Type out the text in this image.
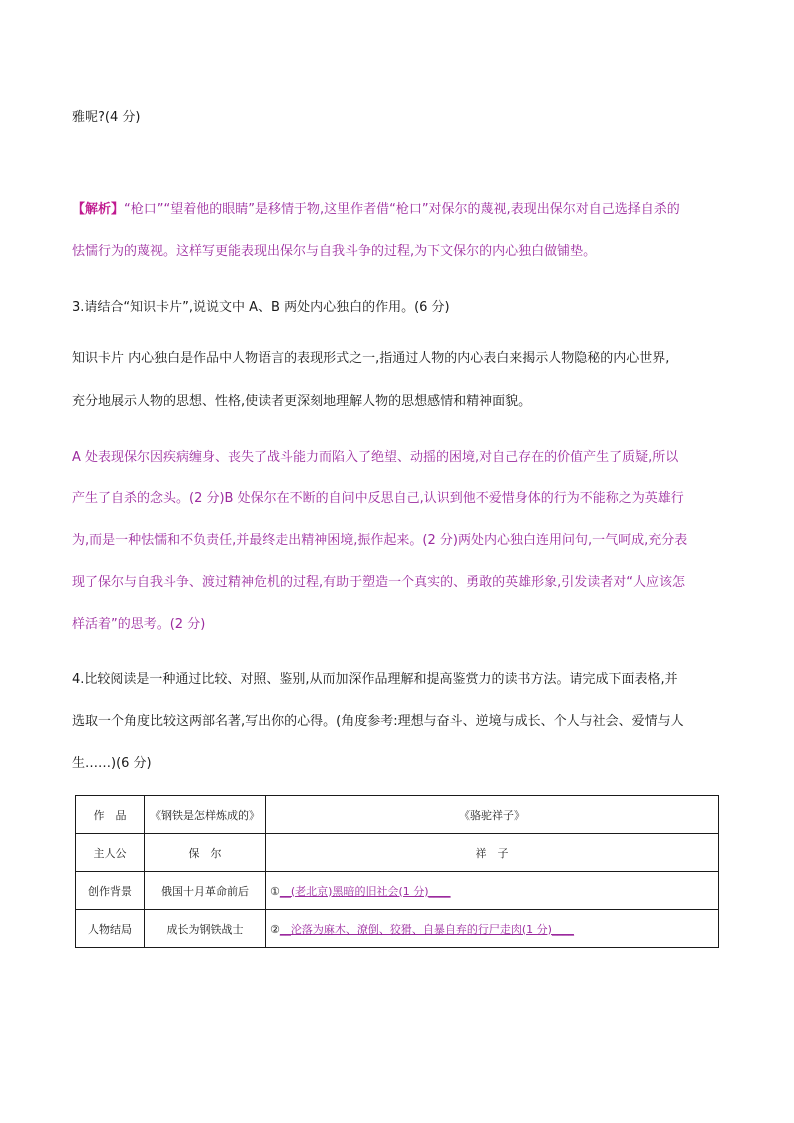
雅呢?(4 分)
【解析】“枪口”“望着他的眼睛”是移情于物,这里作者借“枪口”对保尔的蔑视,表现出保尔对自己选择自杀的
怯懦行为的蔑视。这样写更能表现出保尔与自我斗争的过程,为下文保尔的内心独白做铺垫。
3.请结合“知识卡片”,说说文中 A、B 两处内心独白的作用。(6 分)
知识卡片 内心独白是作品中人物语言的表现形式之一,指通过人物的内心表白来揭示人物隐秘的内心世界,
充分地展示人物的思想、性格,使读者更深刻地理解人物的思想感情和精神面貌。
A 处表现保尔因疾病缠身、丧失了战斗能力而陷入了绝望、动摇的困境,对自己存在的价值产生了质疑,所以
产生了自杀的念头。(2 分)B 处保尔在不断的自问中反思自己,认识到他不爱惜身体的行为不能称之为英雄行
为,而是一种怯懦和不负责任,并最终走出精神困境,振作起来。(2 分)两处内心独白连用问句,一气呵成,充分表
现了保尔与自我斗争、渡过精神危机的过程,有助于塑造一个真实的、勇敢的英雄形象,引发读者对“人应该怎
样活着”的思考。(2 分)
4.比较阅读是一种通过比较、对照、鉴别,从而加深作品理解和提高鉴赏力的读书方法。请完成下面表格,并
选取一个角度比较这两部名著,写出你的心得。(角度参考:理想与奋斗、逆境与成长、个人与社会、爱情与人
生……)(6 分)
作　品	《钢铁是怎样炼成的》	《骆驼祥子》
主人公	保　尔	祥　子
创作背景	俄国十月革命前后	①__(老北京)黑暗的旧社会(1 分)____
人物结局	成长为钢铁战士	②__沦落为麻木、潦倒、狡猾、自暴自弃的行尸走肉(1 分)____
